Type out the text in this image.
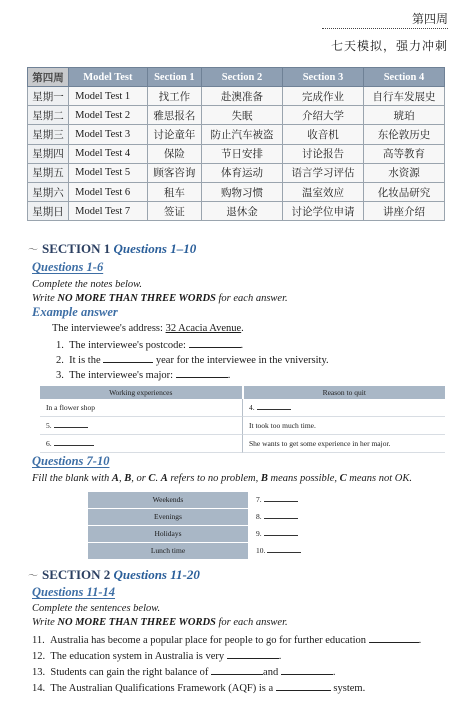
第四周
七天模拟，强力冲刺
第四周	Model Test	Section 1	Section 2	Section 3	Section 4
星期一	Model Test 1	找工作	赴澳准备	完成作业	自行车发展史
星期二	Model Test 2	雅思报名	失眠	介绍大学	琥珀
星期三	Model Test 3	讨论童年	防止汽车被盗	收音机	东伦敦历史
星期四	Model Test 4	保险	节日安排	讨论报告	高等教育
星期五	Model Test 5	顾客咨询	体育运动	语言学习评估	水资源
星期六	Model Test 6	租车	购物习惯	温室效应	化妆品研究
星期日	Model Test 7	签证	退休金	讨论学位申请	讲座介绍
〜 SECTION 1 Questions 1–10
Questions 1-6
Complete the notes below.
Write NO MORE THAN THREE WORDS for each answer.
Example answer
The interviewee's address: 32 Acacia Avenue.
1. The interviewee's postcode:	.
2. It is the	year for the interviewee in the vniversity.
3. The interviewee's major:	.
Working experiences	Reason to quit
In a flower shop	4.
5.	It took too much time.
6.	She wants to get some experience in her major.
Questions 7-10
Fill the blank with A, B, or C. A refers to no problem, B means possible, C means not OK.
Weekends	7.
Evenings	8.
Holidays	9.
Lunch time	10.
〜 SECTION 2 Questions 11-20
Questions 11-14
Complete the sentences below.
Write NO MORE THAN THREE WORDS for each answer.
11. Australia has become a popular place for people to go for further education	.
12. The education system in Australia is very	.
13. Students can gain the right balance of	and	.
14. The Australian Qualifications Framework (AQF) is a	system.
